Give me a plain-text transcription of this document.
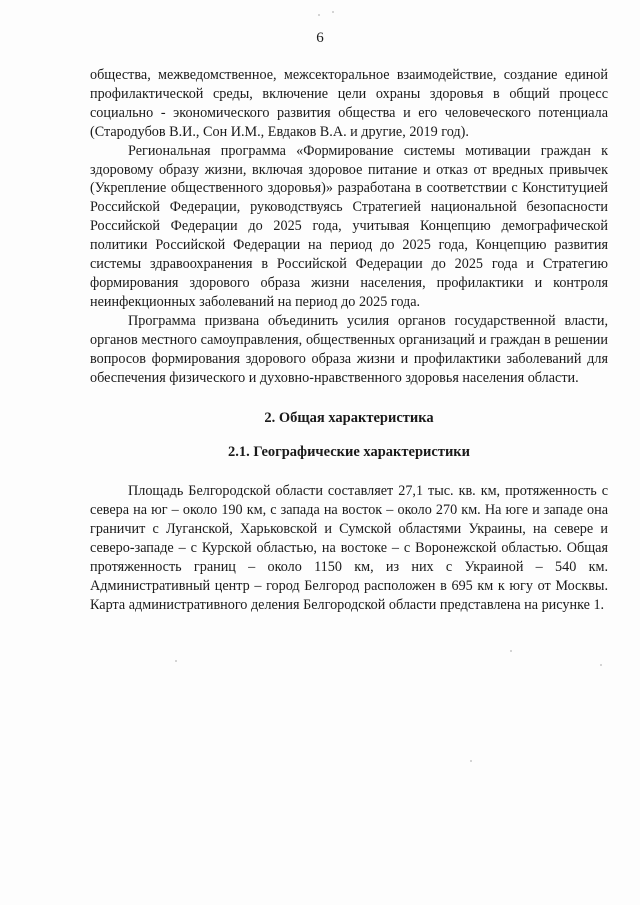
6

общества, межведомственное, межсекторальное взаимодействие, создание единой профилактической среды, включение цели охраны здоровья в общий процесс социально - экономического развития общества и его человеческого потенциала (Стародубов В.И., Сон И.М., Евдаков В.А. и другие, 2019 год).

Региональная программа «Формирование системы мотивации граждан к здоровому образу жизни, включая здоровое питание и отказ от вредных привычек (Укрепление общественного здоровья)» разработана в соответствии с Конституцией Российской Федерации, руководствуясь Стратегией национальной безопасности Российской Федерации до 2025 года, учитывая Концепцию демографической политики Российской Федерации на период до 2025 года, Концепцию развития системы здравоохранения в Российской Федерации до 2025 года и Стратегию формирования здорового образа жизни населения, профилактики и контроля неинфекционных заболеваний на период до 2025 года.

Программа призвана объединить усилия органов государственной власти, органов местного самоуправления, общественных организаций и граждан в решении вопросов формирования здорового образа жизни и профилактики заболеваний для обеспечения физического и духовно-нравственного здоровья населения области.

2. Общая характеристика
2.1. Географические характеристики

Площадь Белгородской области составляет 27,1 тыс. кв. км, протяженность с севера на юг – около 190 км, с запада на восток – около 270 км. На юге и западе она граничит с Луганской, Харьковской и Сумской областями Украины, на севере и северо-западе – с Курской областью, на востоке – с Воронежской областью. Общая протяженность границ – около 1150 км, из них с Украиной – 540 км. Административный центр – город Белгород расположен в 695 км к югу от Москвы. Карта административного деления Белгородской области представлена на рисунке 1.
